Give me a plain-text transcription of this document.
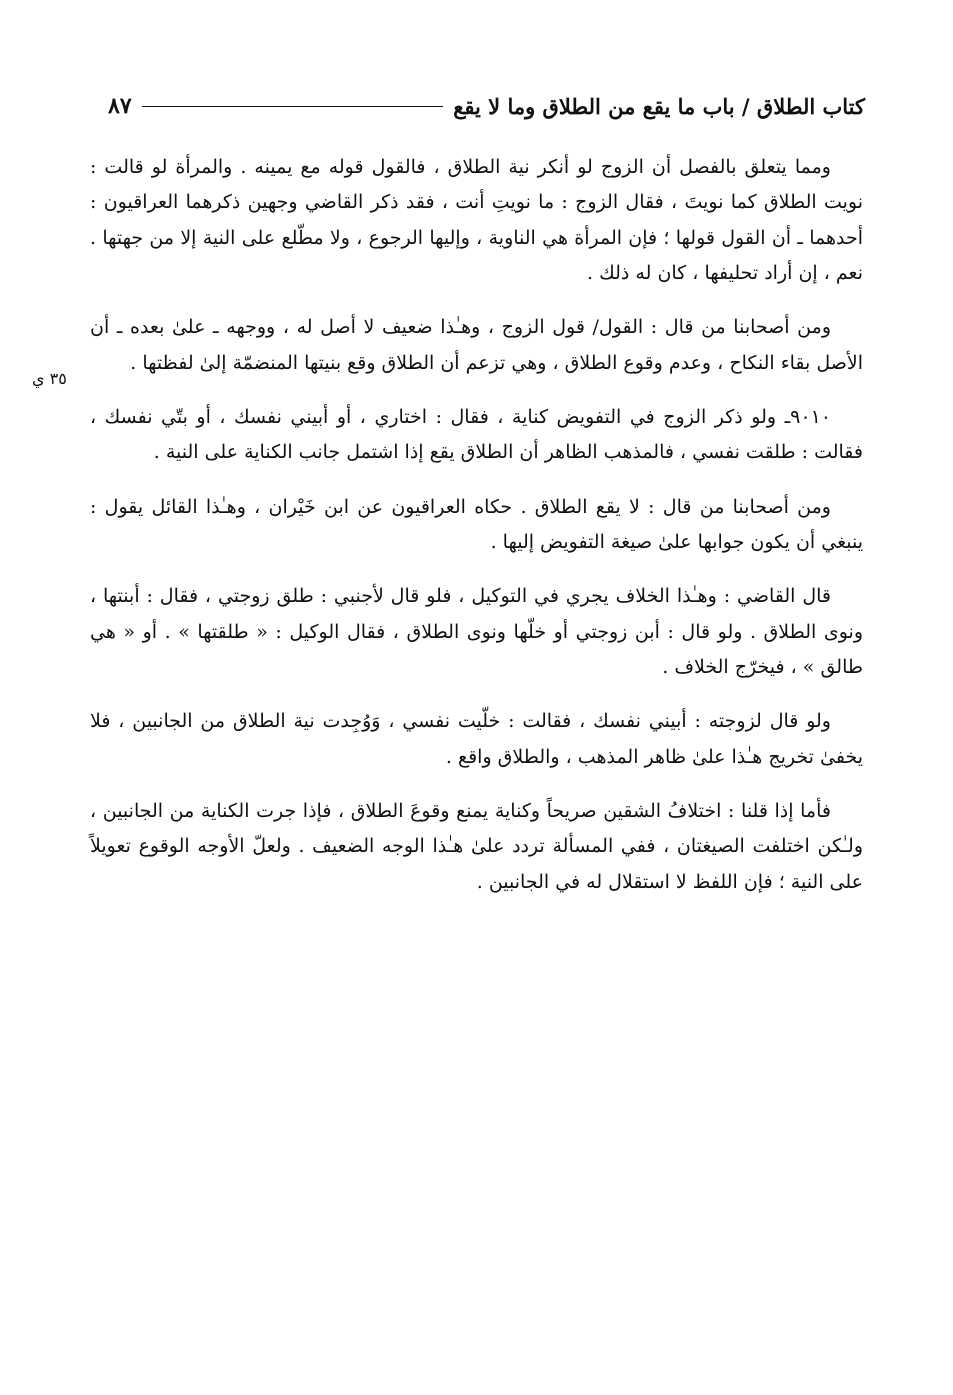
كتاب الطلاق / باب ما يقع من الطلاق وما لا يقع
٨٧
٣٥ ي

ومما يتعلق بالفصل أن الزوج لو أنكر نية الطلاق ، فالقول قوله مع يمينه . والمرأة لو قالت : نويت الطلاق كما نويتَ ، فقال الزوج : ما نويتِ أنت ، فقد ذكر القاضي وجهين ذكرهما العراقيون : أحدهما ـ أن القول قولها ؛ فإن المرأة هي الناوية ، وإليها الرجوع ، ولا مطّلع على النية إلا من جهتها . نعم ، إن أراد تحليفها ، كان له ذلك .

ومن أصحابنا من قال : القول/ قول الزوج ، وهـٰذا ضعيف لا أصل له ، ووجهه ـ علىٰ بعده ـ أن الأصل بقاء النكاح ، وعدم وقوع الطلاق ، وهي تزعم أن الطلاق وقع بنيتها المنضمّة إلىٰ لفظتها .

٩٠١٠ـ ولو ذكر الزوج في التفويض كناية ، فقال : اختاري ، أو أبيني نفسك ، أو بتّي نفسك ، فقالت : طلقت نفسي ، فالمذهب الظاهر أن الطلاق يقع إذا اشتمل جانب الكناية على النية .

ومن أصحابنا من قال : لا يقع الطلاق . حكاه العراقيون عن ابن خَيْران ، وهـٰذا القائل يقول : ينبغي أن يكون جوابها علىٰ صيغة التفويض إليها .

قال القاضي : وهـٰذا الخلاف يجري في التوكيل ، فلو قال لأجنبي : طلق زوجتي ، فقال : أبنتها ، ونوى الطلاق . ولو قال : أبن زوجتي أو خلّها ونوى الطلاق ، فقال الوكيل : « طلقتها » . أو « هي طالق » ، فيخرّج الخلاف .

ولو قال لزوجته : أبيني نفسك ، فقالت : خلّيت نفسي ، وَوُجِدت نية الطلاق من الجانبين ، فلا يخفىٰ تخريج هـٰذا علىٰ ظاهر المذهب ، والطلاق واقع .

فأما إذا قلنا : اختلافُ الشقين صريحاً وكناية يمنع وقوعَ الطلاق ، فإذا جرت الكناية من الجانبين ، ولـٰكن اختلفت الصيغتان ، ففي المسألة تردد علىٰ هـٰذا الوجه الضعيف . ولعلّ الأوجه الوقوع تعويلاً على النية ؛ فإن اللفظ لا استقلال له في الجانبين .
